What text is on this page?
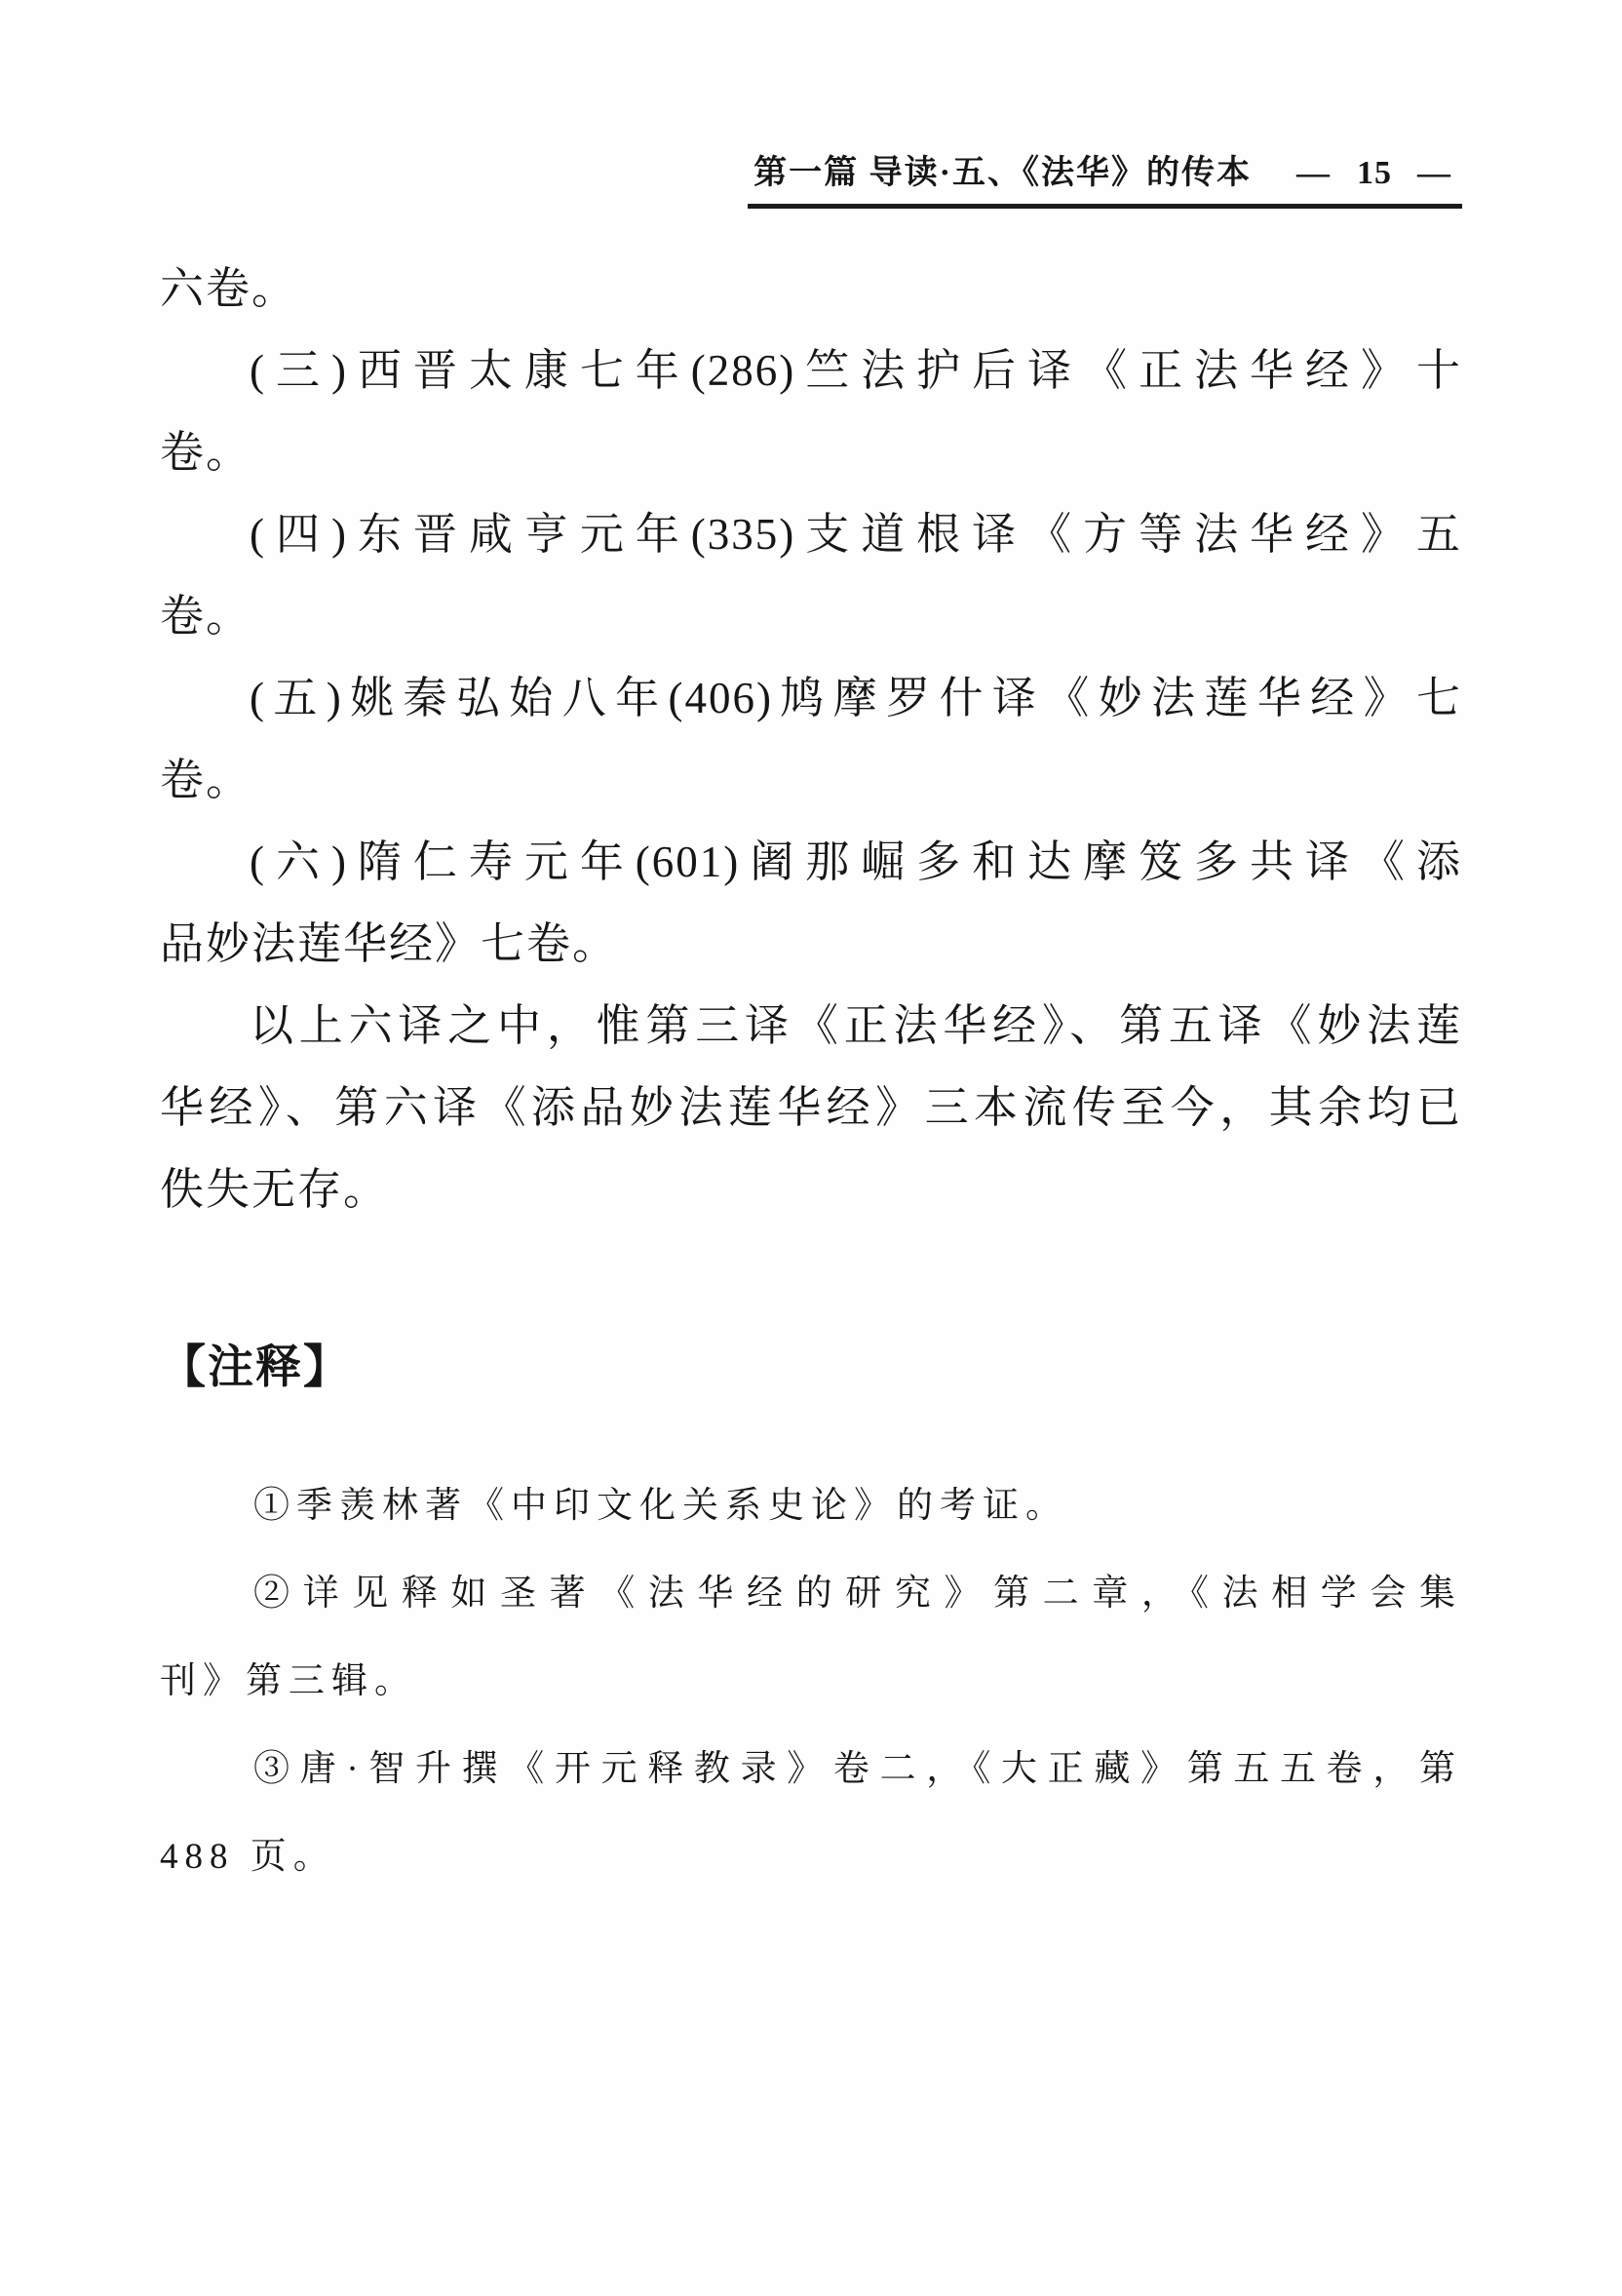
第一篇 导读·五、《法华》的传本 — 15 —
六卷。
(三)西晋太康七年(286)竺法护后译《正法华经》十
卷。
(四)东晋咸亨元年(335)支道根译《方等法华经》五
卷。
(五)姚秦弘始八年(406)鸠摩罗什译《妙法莲华经》七
卷。
(六)隋仁寿元年(601)阇那崛多和达摩笈多共译《添
品妙法莲华经》七卷。
以上六译之中，惟第三译《正法华经》、第五译《妙法莲
华经》、第六译《添品妙法莲华经》三本流传至今，其余均已
佚失无存。
【注释】
①季羡林著《中印文化关系史论》的考证。
②详见释如圣著《法华经的研究》第二章，《法相学会集
刊》第三辑。
③唐·智升撰《开元释教录》卷二，《大正藏》第五五卷，第
488 页。
